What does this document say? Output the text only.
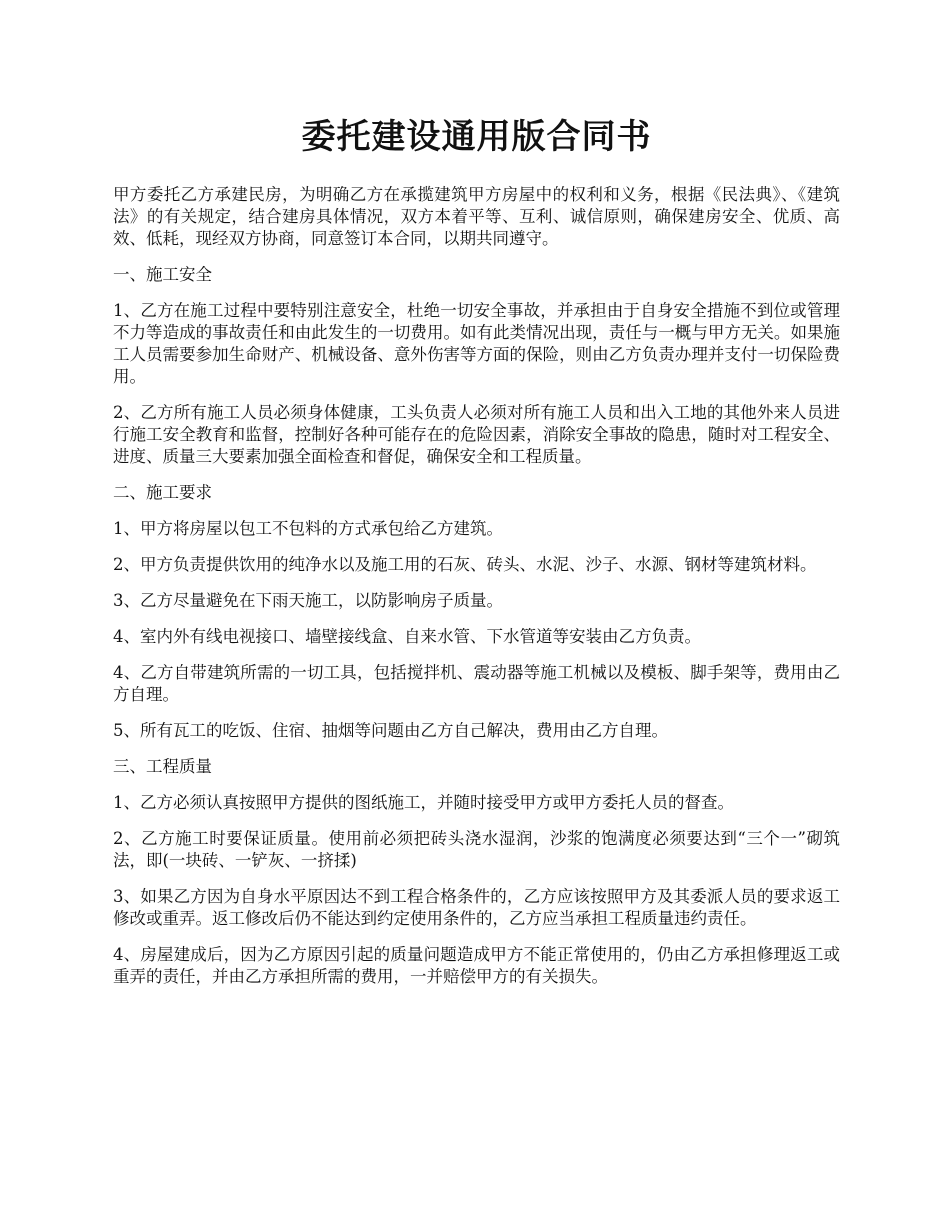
委托建设通用版合同书

甲方委托乙方承建民房，为明确乙方在承揽建筑甲方房屋中的权利和义务，根据《民法典》、《建筑法》的有关规定，结合建房具体情况，双方本着平等、互利、诚信原则，确保建房安全、优质、高效、低耗，现经双方协商，同意签订本合同，以期共同遵守。

一、施工安全

1、乙方在施工过程中要特别注意安全，杜绝一切安全事故，并承担由于自身安全措施不到位或管理不力等造成的事故责任和由此发生的一切费用。如有此类情况出现，责任与一概与甲方无关。如果施工人员需要参加生命财产、机械设备、意外伤害等方面的保险，则由乙方负责办理并支付一切保险费用。

2、乙方所有施工人员必须身体健康，工头负责人必须对所有施工人员和出入工地的其他外来人员进行施工安全教育和监督，控制好各种可能存在的危险因素，消除安全事故的隐患，随时对工程安全、进度、质量三大要素加强全面检查和督促，确保安全和工程质量。

二、施工要求

1、甲方将房屋以包工不包料的方式承包给乙方建筑。

2、甲方负责提供饮用的纯净水以及施工用的石灰、砖头、水泥、沙子、水源、钢材等建筑材料。

3、乙方尽量避免在下雨天施工，以防影响房子质量。

4、室内外有线电视接口、墙壁接线盒、自来水管、下水管道等安装由乙方负责。

4、乙方自带建筑所需的一切工具，包括搅拌机、震动器等施工机械以及模板、脚手架等，费用由乙方自理。

5、所有瓦工的吃饭、住宿、抽烟等问题由乙方自己解决，费用由乙方自理。

三、工程质量

1、乙方必须认真按照甲方提供的图纸施工，并随时接受甲方或甲方委托人员的督查。

2、乙方施工时要保证质量。使用前必须把砖头浇水湿润，沙浆的饱满度必须要达到“三个一”砌筑法，即(一块砖、一铲灰、一挤揉)

3、如果乙方因为自身水平原因达不到工程合格条件的，乙方应该按照甲方及其委派人员的要求返工修改或重弄。返工修改后仍不能达到约定使用条件的，乙方应当承担工程质量违约责任。

4、房屋建成后，因为乙方原因引起的质量问题造成甲方不能正常使用的，仍由乙方承担修理返工或重弄的责任，并由乙方承担所需的费用，一并赔偿甲方的有关损失。
